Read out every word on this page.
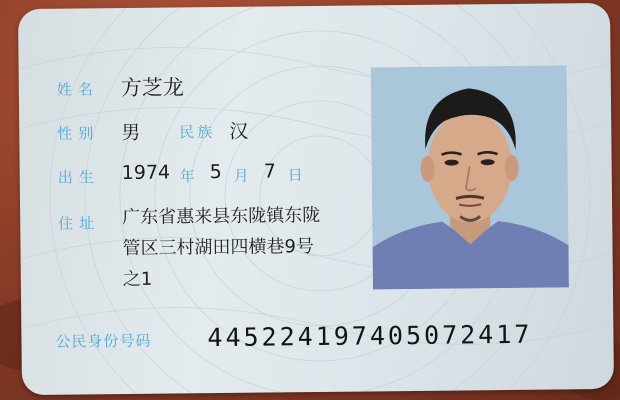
姓名 方芝龙
性别 男	民族 汉
出生 1974 年 5 月 7 日
住址 广东省惠来县东陇镇东陇
管区三村湖田四横巷9号
之1
公民身份号码 445224197405072417
